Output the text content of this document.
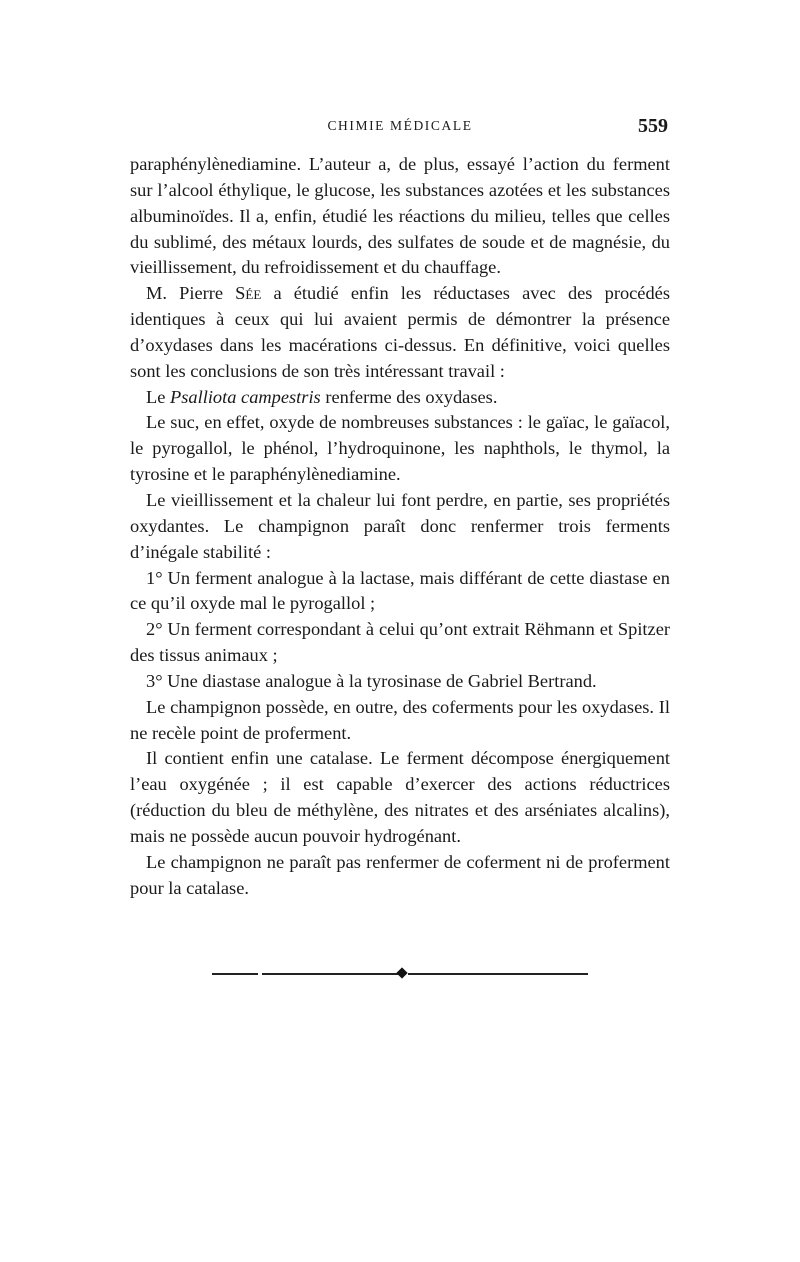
CHIMIE MÉDICALE	559

paraphénylènediamine. L’auteur a, de plus, essayé l’action du ferment sur l’alcool éthylique, le glucose, les substances azotées et les substances albuminoïdes. Il a, enfin, étudié les réactions du milieu, telles que celles du sublimé, des métaux lourds, des sulfates de soude et de magnésie, du vieillissement, du refroidissement et du chauffage.

M. Pierre Sée a étudié enfin les réductases avec des procédés identiques à ceux qui lui avaient permis de démontrer la présence d’oxydases dans les macérations ci-dessus. En définitive, voici quelles sont les conclusions de son très intéressant travail :

Le Psalliota campestris renferme des oxydases.

Le suc, en effet, oxyde de nombreuses substances : le gaïac, le gaïacol, le pyrogallol, le phénol, l’hydroquinone, les naphthols, le thymol, la tyrosine et le paraphénylènediamine.

Le vieillissement et la chaleur lui font perdre, en partie, ses propriétés oxydantes. Le champignon paraît donc renfermer trois ferments d’inégale stabilité :

1° Un ferment analogue à la lactase, mais différant de cette diastase en ce qu’il oxyde mal le pyrogallol ;

2° Un ferment correspondant à celui qu’ont extrait Rëhmann et Spitzer des tissus animaux ;

3° Une diastase analogue à la tyrosinase de Gabriel Bertrand.

Le champignon possède, en outre, des coferments pour les oxydases. Il ne recèle point de proferment.

Il contient enfin une catalase. Le ferment décompose énergiquement l’eau oxygénée ; il est capable d’exercer des actions réductrices (réduction du bleu de méthylène, des nitrates et des arséniates alcalins), mais ne possède aucun pouvoir hydrogénant.

Le champignon ne paraît pas renfermer de coferment ni de proferment pour la catalase.
